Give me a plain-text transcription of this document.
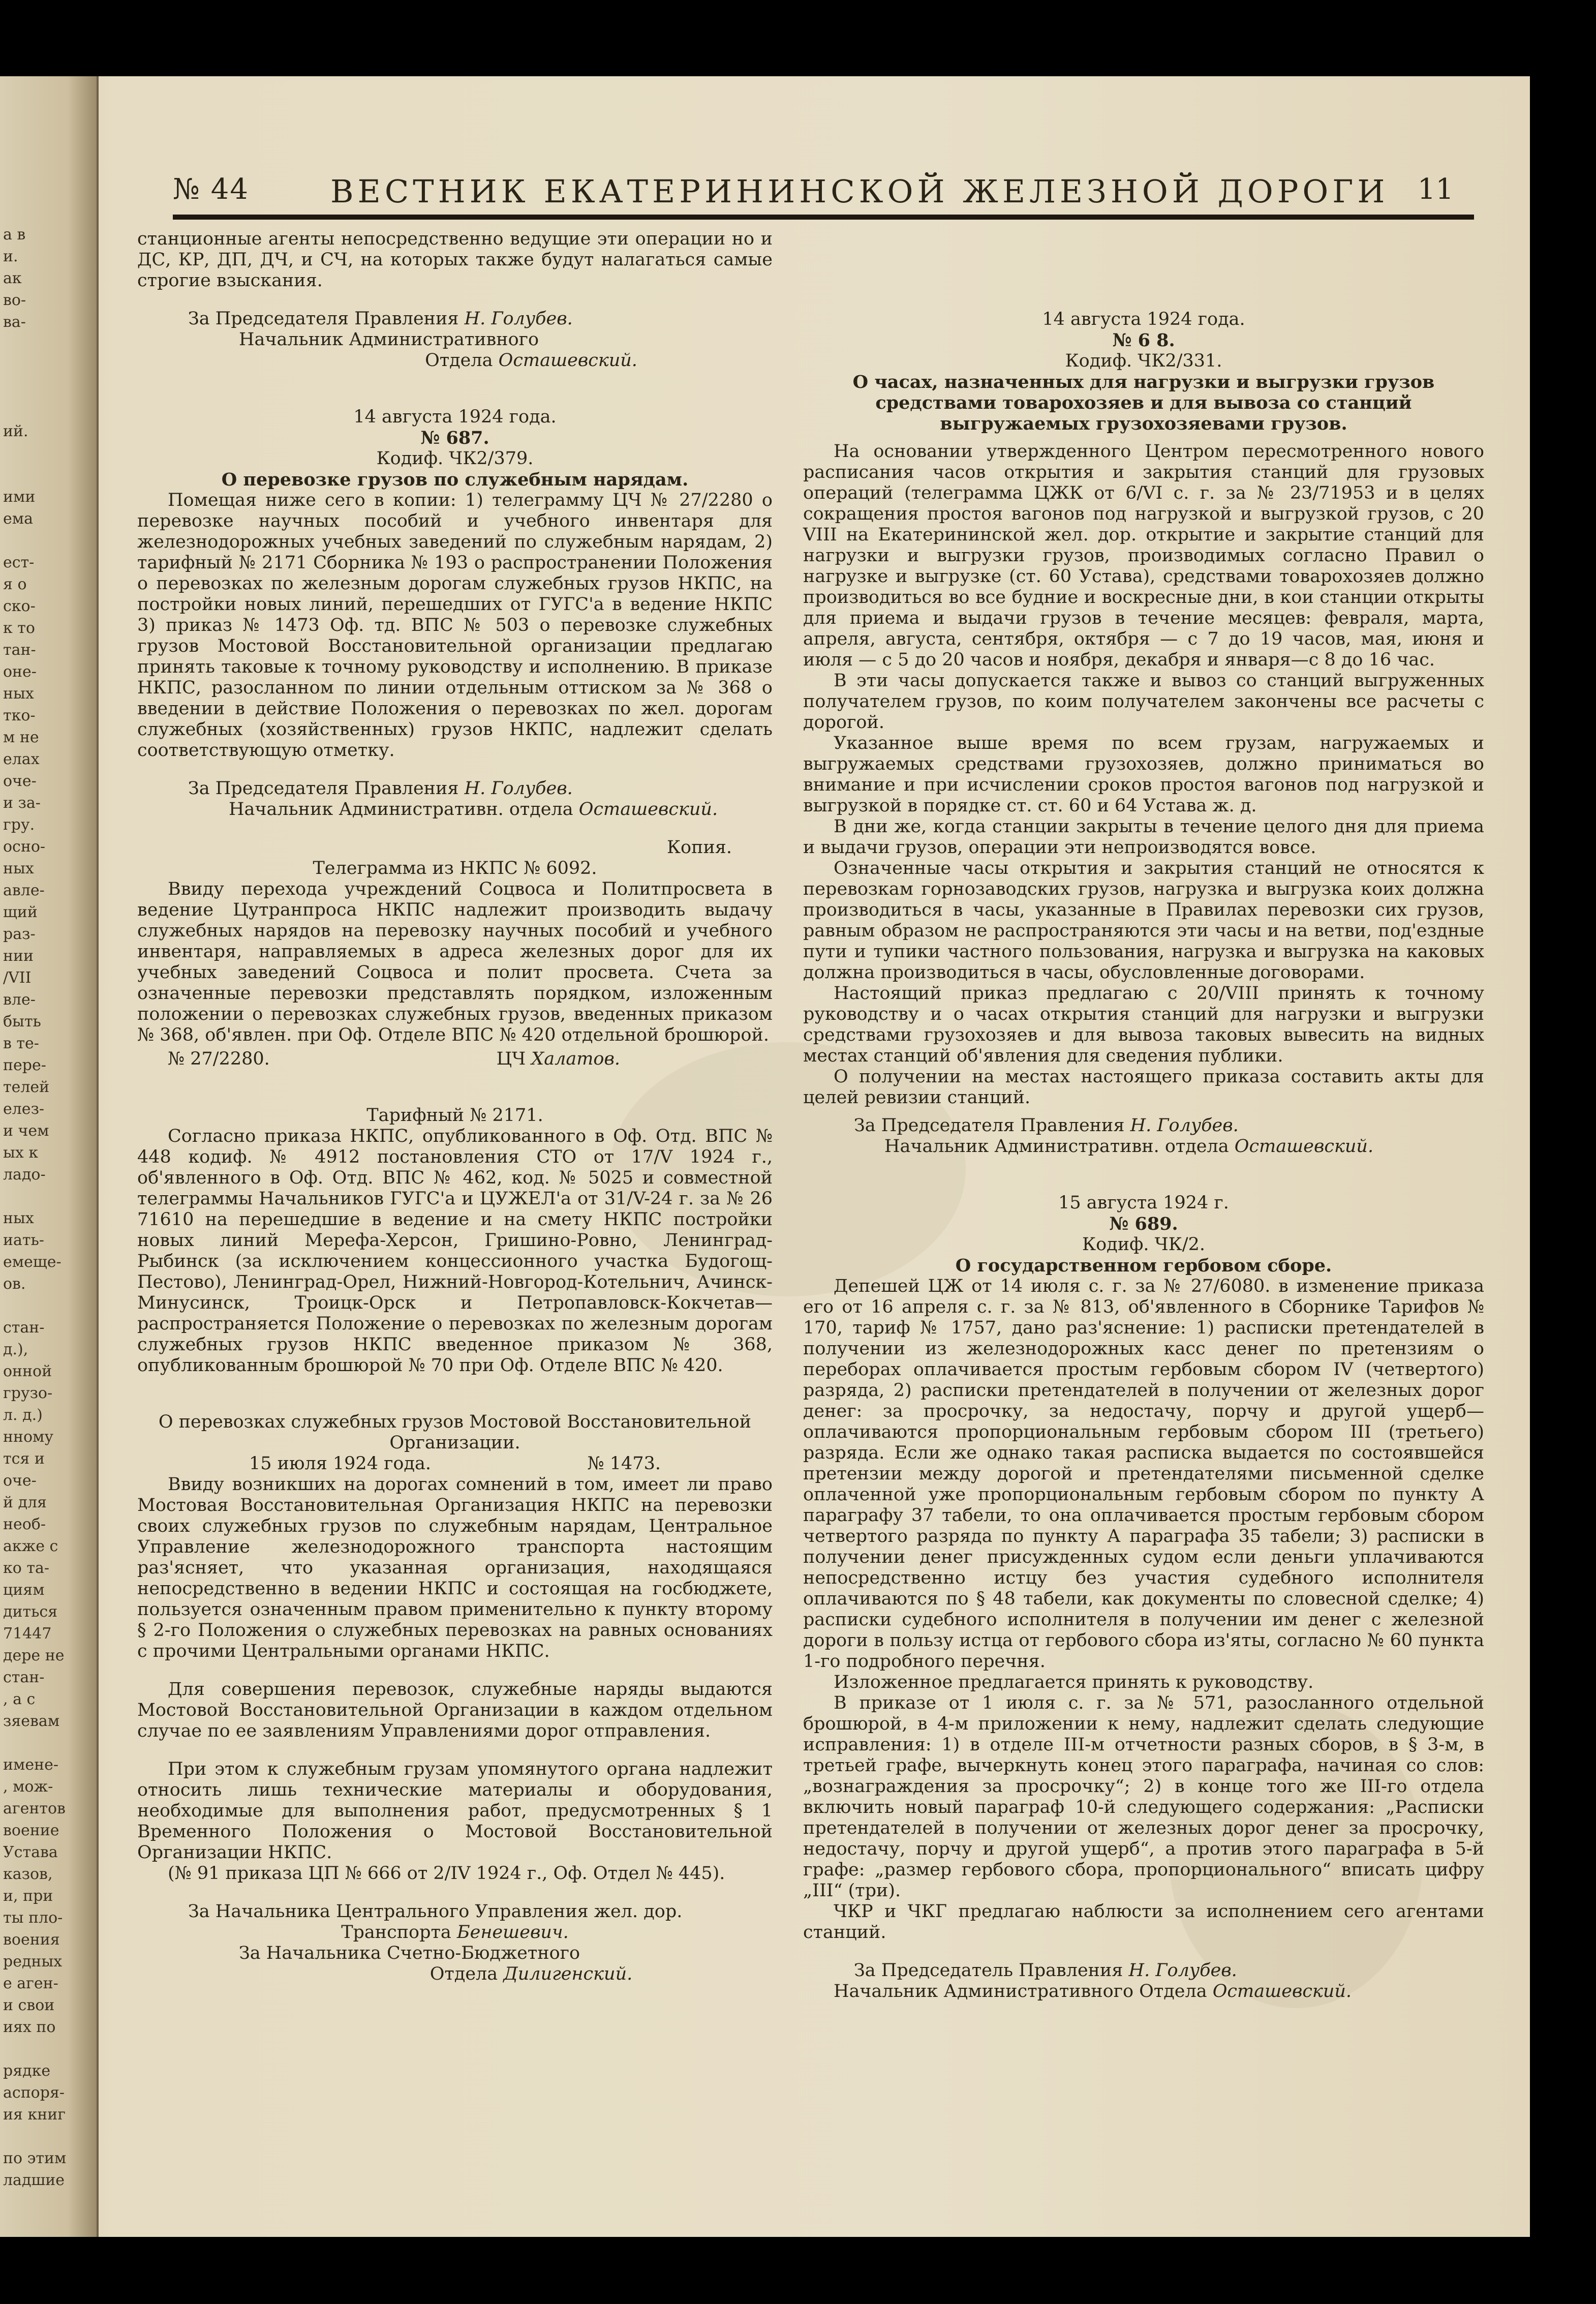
а в
и.
ак
во-
ва-

ий.

ими
ема

ест-
я о
ско-
к то
тан-
оне-
ных
тко-
м не
елах
оче-
и за-
гру.
осно-
ных
авле-
щий
раз-
нии
/VII
вле-
быть
в те-
пере-
телей
елез-
и чем
ых к
ладо-

ных
иать-
емеще-
ов.

стан-
д.),
онной
грузо-
л. д.)
нному
тся и
оче-
й для
необ-
акже с
ко та-
циям
диться
71447
дере не
стан-
, а с
зяевам

имене-
, мож-
агентов
воение
Устава
казов,
и, при
ты пло-
воения
редных
е аген-
и свои
иях по

рядке
аспоря-
ия книг

по этим
ладшие
№ 44	ВЕСТНИК ЕКАТЕРИНИНСКОЙ ЖЕЛЕЗНОЙ ДОРОГИ 11

станционные агенты непосредственно ведущие эти операции но и ДС, КР, ДП, ДЧ, и СЧ, на которых также будут налагаться самые строгие взыскания.

За Председателя Правления Н. Голубев.

Начальник Административного

Отдела Осташевский.

14 августа 1924 года.

№ 687.

Кодиф. ЧК2/379.

О перевозке грузов по служебным нарядам.

Помещая ниже сего в копии: 1) телеграмму ЦЧ № 27/2280 о перевозке научных пособий и учебного инвентаря для железнодорожных учебных заведений по служебным нарядам, 2) тарифный № 2171 Сборника № 193 о распространении Положения о перевозках по железным дорогам служебных грузов НКПС, на постройки новых линий, перешедших от ГУГС'а в ведение НКПС 3) приказ № 1473 Оф. тд. ВПС № 503 о перевозке служебных грузов Мостовой Восстановительной организации предлагаю принять таковые к точному руководству и исполнению. В приказе НКПС, разосланном по линии отдельным оттиском за № 368 о введении в действие Положения о перевозках по жел. дорогам служебных (хозяйственных) грузов НКПС, надлежит сделать соответствующую отметку.

За Председателя Правления Н. Голубев.

Начальник Административн. отдела Осташевский.

Копия.

Телеграмма из НКПС № 6092.

Ввиду перехода учреждений Соцвоса и Политпросвета в ведение Цутранпроса НКПС надлежит производить выдачу служебных нарядов на перевозку научных пособий и учебного инвентаря, направляемых в адреса железных дорог для их учебных заведений Соцвоса и полит просвета. Счета за означенные перевозки представлять порядком, изложенным положении о перевозках служебных грузов, введенных приказом № 368, об'явлен. при Оф. Отделе ВПС № 420 отдельной брошюрой.

№ 27/2280.	ЦЧ Халатов.

Тарифный № 2171.

Согласно приказа НКПС, опубликованного в Оф. Отд. ВПС № 448 кодиф. № 4912 постановления СТО от 17/V 1924 г., об'явленного в Оф. Отд. ВПС № 462, код. № 5025 и совместной телеграммы Начальников ГУГС'а и ЦУЖЕЛ'а от 31/V-24 г. за № 26 71610 на перешедшие в ведение и на смету НКПС постройки новых линий Мерефа-Херсон, Гришино-Ровно, Ленинград-Рыбинск (за исключением концессионного участка Будогощ-Пестово), Ленинград-Орел, Нижний-Новгород-Котельнич, Ачинск-Минусинск, Троицк-Орск и Петропавловск-Кокчетав—распространяется Положение о перевозках по железным дорогам служебных грузов НКПС введенное приказом № 368, опубликованным брошюрой № 70 при Оф. Отделе ВПС № 420.

О перевозках служебных грузов Мостовой Восстановительной Организации.

15 июля 1924 года.	№ 1473.

Ввиду возникших на дорогах сомнений в том, имеет ли право Мостовая Восстановительная Организация НКПС на перевозки своих служебных грузов по служебным нарядам, Центральное Управление железнодорожного транспорта настоящим раз'ясняет, что указанная организация, находящаяся непосредственно в ведении НКПС и состоящая на госбюджете, пользуется означенным правом применительно к пункту второму § 2-го Положения о служебных перевозках на равных основаниях с прочими Центральными органами НКПС.

Для совершения перевозок, служебные наряды выдаются Мостовой Восстановительной Организации в каждом отдельном случае по ее заявлениям Управлениями дорог отправления.

При этом к служебным грузам упомянутого органа надлежит относить лишь технические материалы и оборудования, необходимые для выполнения работ, предусмотренных § 1 Временного Положения о Мостовой Восстановительной Организации НКПС.

(№ 91 приказа ЦП № 666 от 2/IV 1924 г., Оф. Отдел № 445).

За Начальника Центрального Управления жел. дор.

Транспорта Бенешевич.

За Начальника Счетно-Бюджетного

Отдела Дилигенский.

14 августа 1924 года.

№ 6 8.

Кодиф. ЧК2/331.

О часах, назначенных для нагрузки и выгрузки грузов средствами товарохозяев и для вывоза со станций выгружаемых грузохозяевами грузов.

На основании утвержденного Центром пересмотренного нового расписания часов открытия и закрытия станций для грузовых операций (телеграмма ЦЖК от 6/VI с. г. за № 23/71953 и в целях сокращения простоя вагонов под нагрузкой и выгрузкой грузов, с 20 VIII на Екатерининской жел. дор. открытие и закрытие станций для нагрузки и выгрузки грузов, производимых согласно Правил о нагрузке и выгрузке (ст. 60 Устава), средствами товарохозяев должно производиться во все будние и воскресные дни, в кои станции открыты для приема и выдачи грузов в течение месяцев: февраля, марта, апреля, августа, сентября, октября — с 7 до 19 часов, мая, июня и июля — с 5 до 20 часов и ноября, декабря и января—с 8 до 16 час.

В эти часы допускается также и вывоз со станций выгруженных получателем грузов, по коим получателем закончены все расчеты с дорогой.

Указанное выше время по всем грузам, нагружаемых и выгружаемых средствами грузохозяев, должно приниматься во внимание и при исчислении сроков простоя вагонов под нагрузкой и выгрузкой в порядке ст. ст. 60 и 64 Устава ж. д.

В дни же, когда станции закрыты в течение целого дня для приема и выдачи грузов, операции эти непроизводятся вовсе.

Означенные часы открытия и закрытия станций не относятся к перевозкам горнозаводских грузов, нагрузка и выгрузка коих должна производиться в часы, указанные в Правилах перевозки сих грузов, равным образом не распространяются эти часы и на ветви, под'ездные пути и тупики частного пользования, нагрузка и выгрузка на каковых должна производиться в часы, обусловленные договорами.

Настоящий приказ предлагаю с 20/VIII принять к точному руководству и о часах открытия станций для нагрузки и выгрузки средствами грузохозяев и для вывоза таковых вывесить на видных местах станций об'явления для сведения публики.

О получении на местах настоящего приказа составить акты для целей ревизии станций.

За Председателя Правления Н. Голубев.

Начальник Административн. отдела Осташевский.

15 августа 1924 г.

№ 689.

Кодиф. ЧК/2.

О государственном гербовом сборе.

Депешей ЦЖ от 14 июля с. г. за № 27/6080. в изменение приказа его от 16 апреля с. г. за № 813, об'явленного в Сборнике Тарифов № 170, тариф № 1757, дано раз'яснение: 1) расписки претендателей в получении из железнодорожных касс денег по претензиям о переборах оплачивается простым гербовым сбором IV (четвертого) разряда, 2) расписки претендателей в получении от железных дорог денег: за просрочку, за недостачу, порчу и другой ущерб—оплачиваются пропорциональным гербовым сбором III (третьего) разряда. Если же однако такая расписка выдается по состоявшейся претензии между дорогой и претендателями письменной сделке оплаченной уже пропорциональным гербовым сбором по пункту А параграфу 37 табели, то она оплачивается простым гербовым сбором четвертого разряда по пункту А параграфа 35 табели; 3) расписки в получении денег присужденных судом если деньги уплачиваются непосредственно истцу без участия судебного исполнителя оплачиваются по § 48 табели, как документы по словесной сделке; 4) расписки судебного исполнителя в получении им денег с железной дороги в пользу истца от гербового сбора из'яты, согласно № 60 пункта 1-го подробного перечня.

Изложенное предлагается принять к руководству.

В приказе от 1 июля с. г. за № 571, разосланного отдельной брошюрой, в 4-м приложении к нему, надлежит сделать следующие исправления: 1) в отделе III-м отчетности разных сборов, в § 3-м, в третьей графе, вычеркнуть конец этого параграфа, начиная со слов: „вознаграждения за просрочку“; 2) в конце того же III-го отдела включить новый параграф 10-й следующего содержания: „Расписки претендателей в получении от железных дорог денег за просрочку, недостачу, порчу и другой ущерб“, а против этого параграфа в 5-й графе: „размер гербового сбора, пропорционального“ вписать цифру „III“ (три).

ЧКР и ЧКГ предлагаю наблюсти за исполнением сего агентами станций.

За Председатель Правления Н. Голубев.

Начальник Административного Отдела Осташевский.
